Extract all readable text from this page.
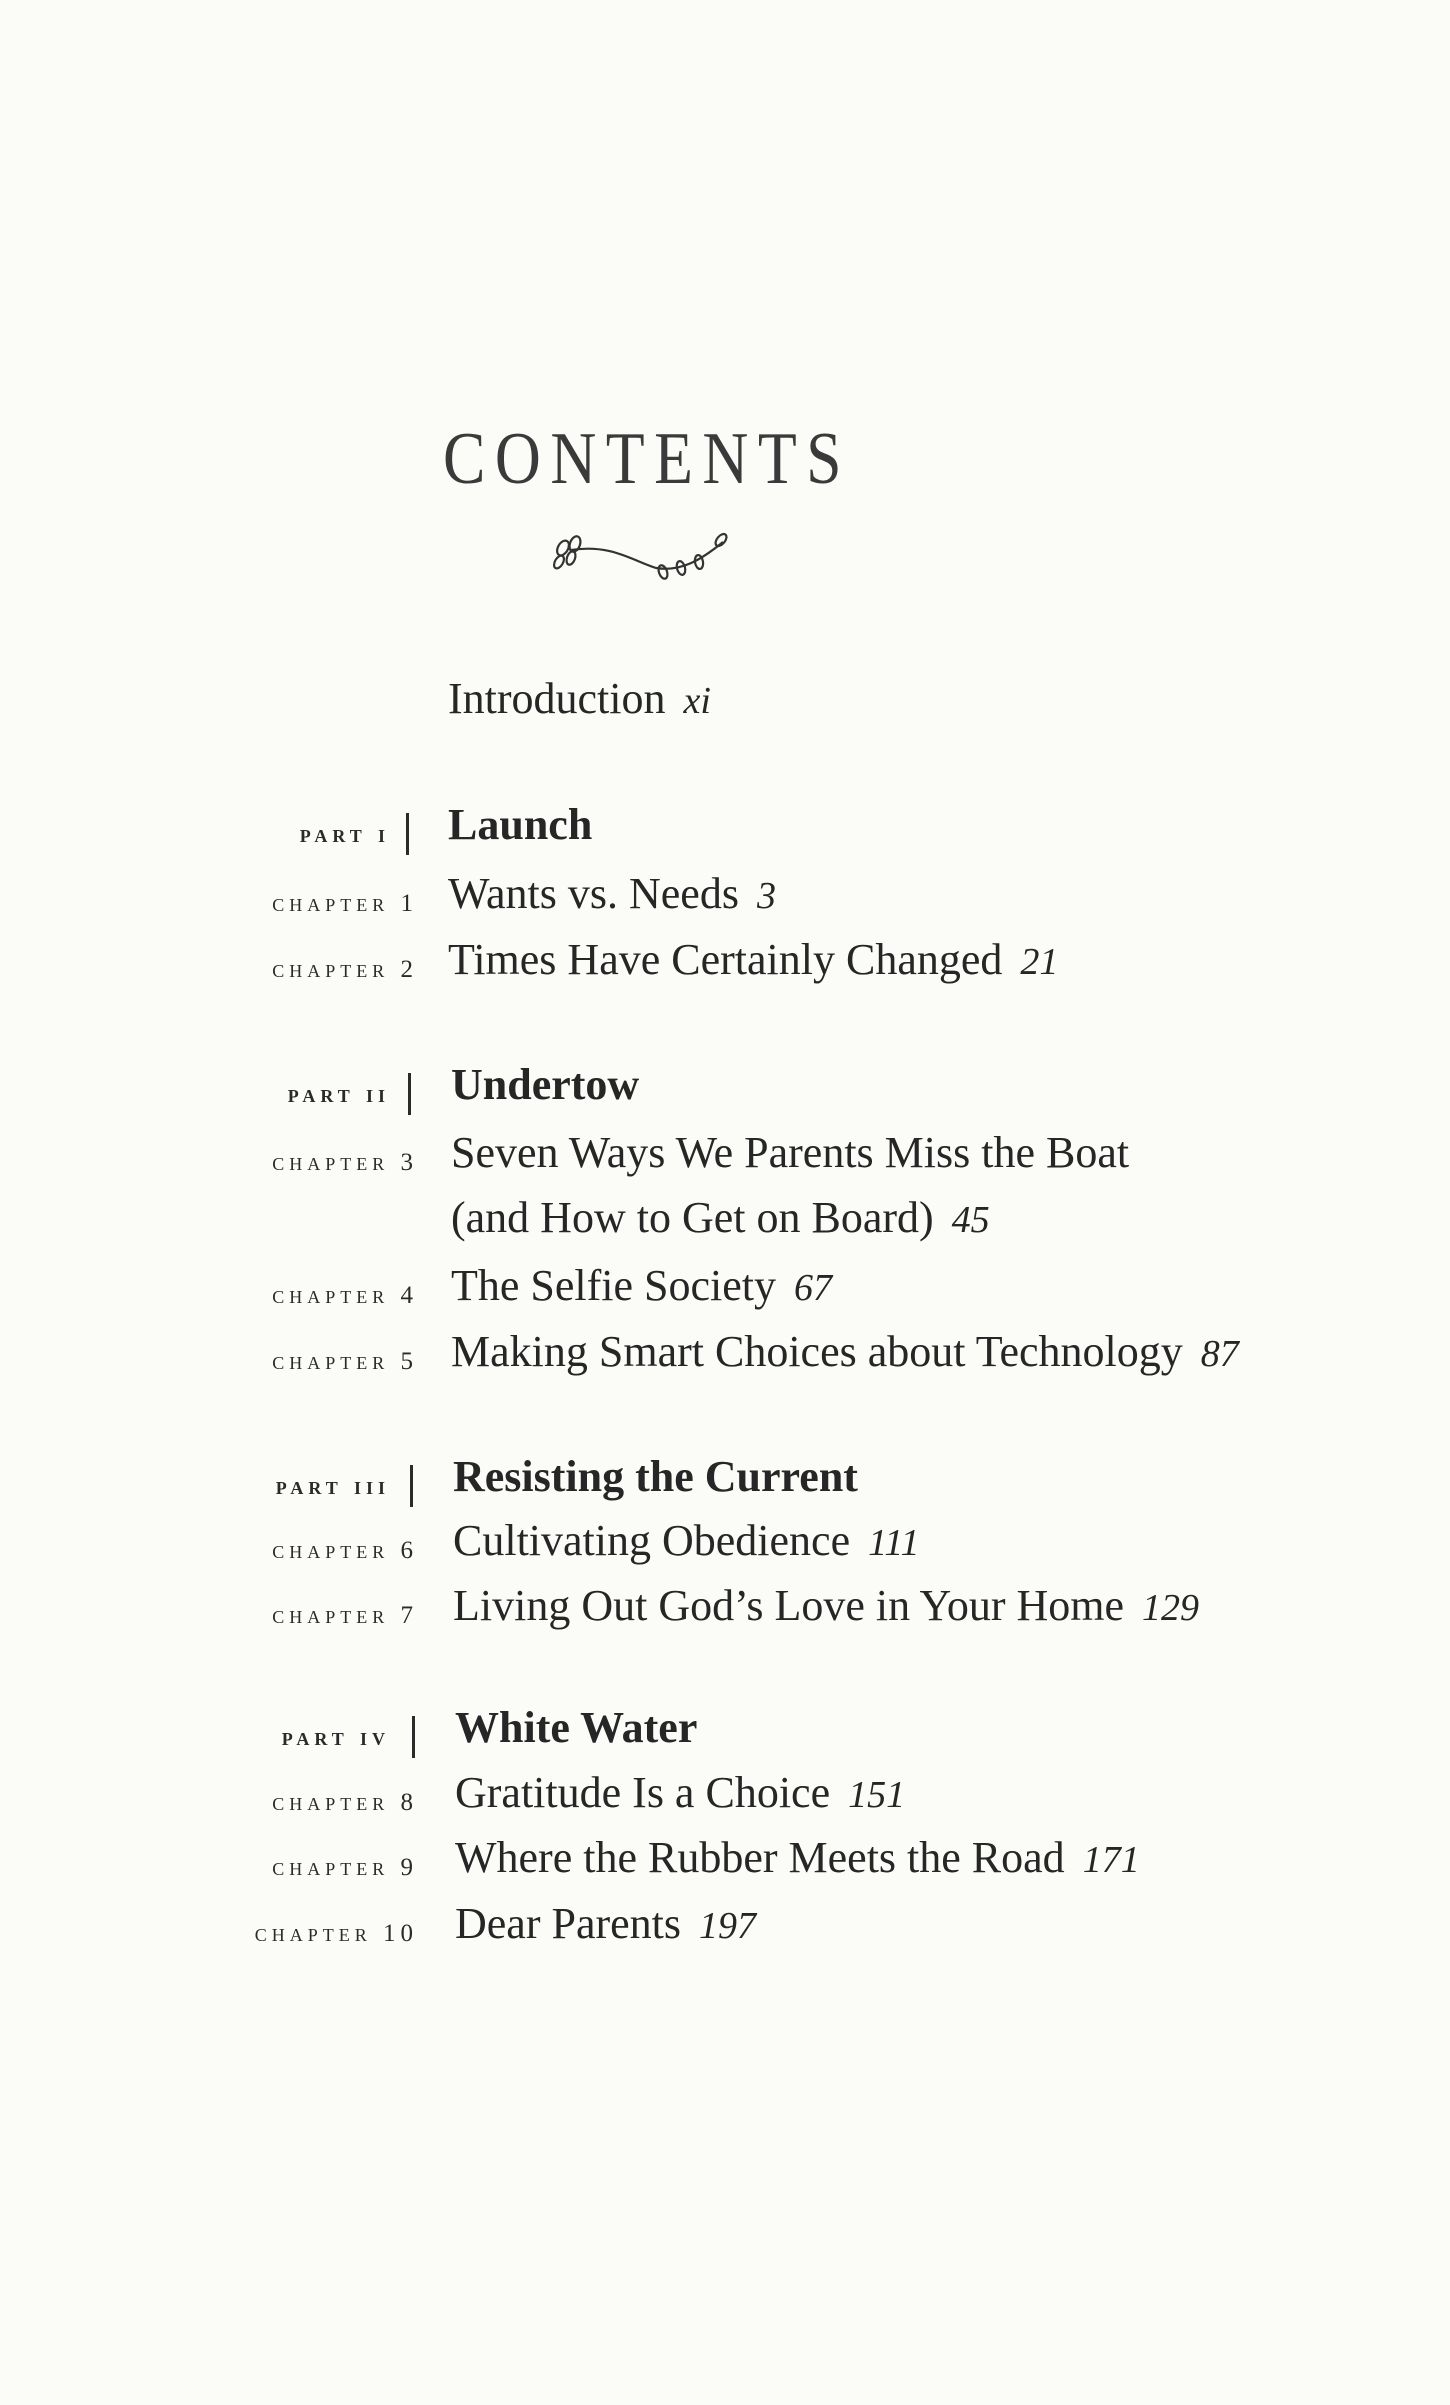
CONTENTS
Introduction xi
part i Launch
chapter 1 Wants vs. Needs 3
chapter 2 Times Have Certainly Changed 21
part ii Undertow
chapter 3 Seven Ways We Parents Miss the Boat
(and How to Get on Board) 45
chapter 4 The Selfie Society 67
chapter 5 Making Smart Choices about Technology 87
part iii Resisting the Current
chapter 6 Cultivating Obedience 111
chapter 7 Living Out God’s Love in Your Home 129
part iv White Water
chapter 8 Gratitude Is a Choice 151
chapter 9 Where the Rubber Meets the Road 171
chapter 10 Dear Parents 197
